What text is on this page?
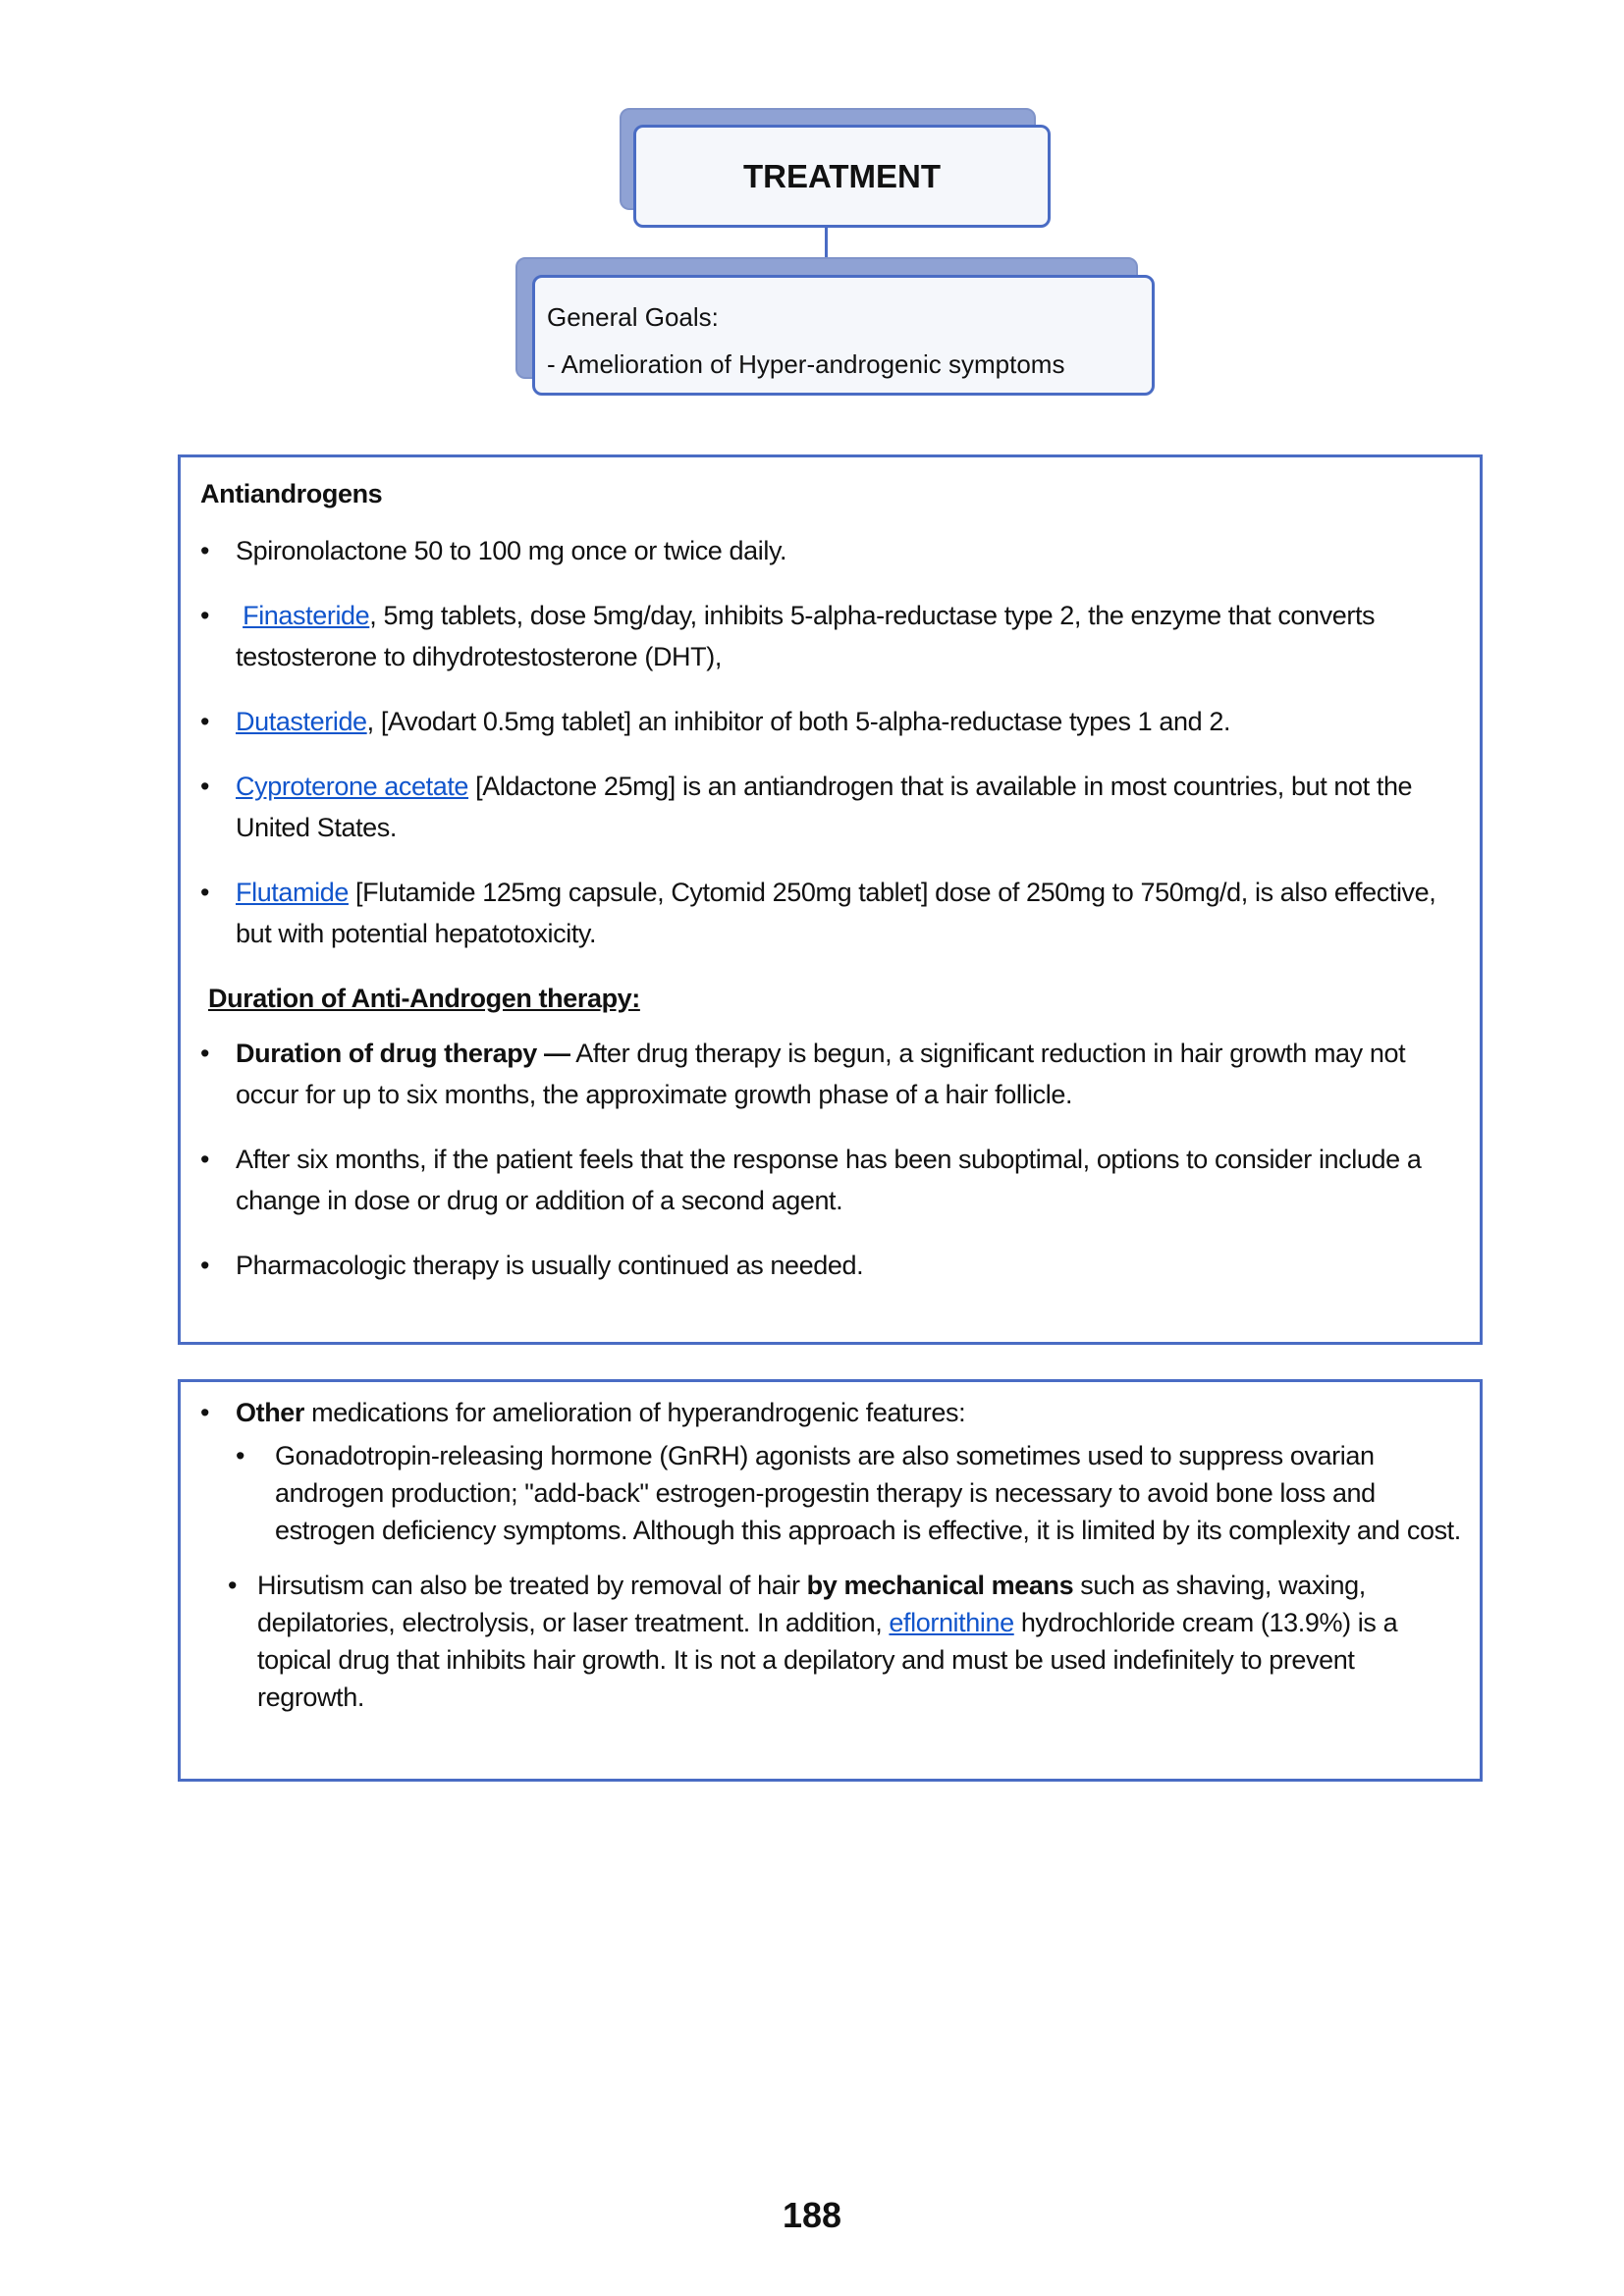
TREATMENT
General Goals:
- Amelioration of Hyper-androgenic symptoms
Antiandrogens
• Spironolactone 50 to 100 mg once or twice daily.
• Finasteride, 5mg tablets, dose 5mg/day, inhibits 5-alpha-reductase type 2, the enzyme that converts testosterone to dihydrotestosterone (DHT),
• Dutasteride, [Avodart 0.5mg tablet] an inhibitor of both 5-alpha-reductase types 1 and 2.
• Cyproterone acetate [Aldactone 25mg] is an antiandrogen that is available in most countries, but not the United States.
• Flutamide [Flutamide 125mg capsule, Cytomid 250mg tablet] dose of 250mg to 750mg/d, is also effective, but with potential hepatotoxicity.
Duration of Anti-Androgen therapy:
• Duration of drug therapy — After drug therapy is begun, a significant reduction in hair growth may not occur for up to six months, the approximate growth phase of a hair follicle.
• After six months, if the patient feels that the response has been suboptimal, options to consider include a change in dose or drug or addition of a second agent.
• Pharmacologic therapy is usually continued as needed.
• Other medications for amelioration of hyperandrogenic features:
• Gonadotropin-releasing hormone (GnRH) agonists are also sometimes used to suppress ovarian androgen production; "add-back" estrogen-progestin therapy is necessary to avoid bone loss and estrogen deficiency symptoms. Although this approach is effective, it is limited by its complexity and cost.
• Hirsutism can also be treated by removal of hair by mechanical means such as shaving, waxing, depilatories, electrolysis, or laser treatment. In addition, eflornithine hydrochloride cream (13.9%) is a topical drug that inhibits hair growth. It is not a depilatory and must be used indefinitely to prevent regrowth.
188
